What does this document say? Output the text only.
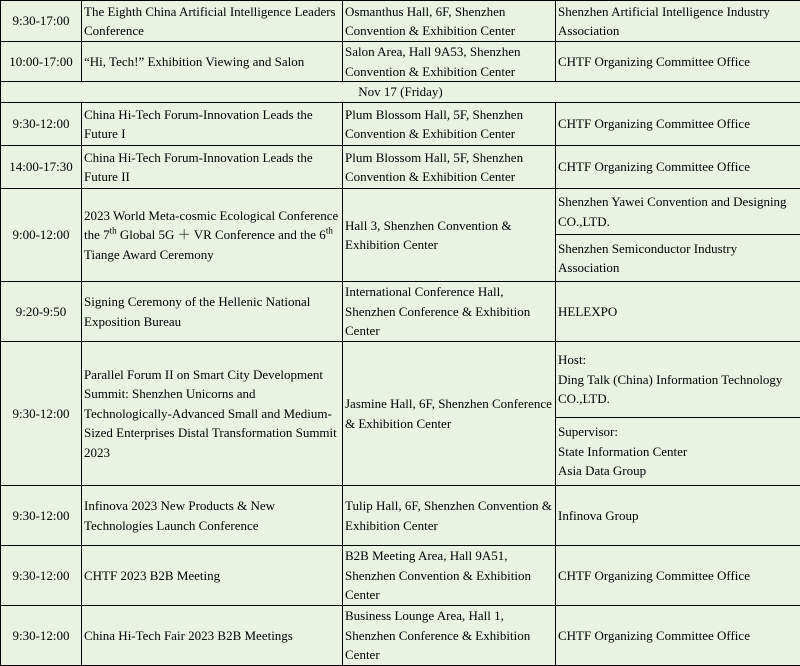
9:30-17:00	The Eighth China Artificial Intelligence Leaders Conference	Osmanthus Hall, 6F, Shenzhen Convention & Exhibition Center	Shenzhen Artificial Intelligence Industry Association
10:00-17:00	“Hi, Tech!” Exhibition Viewing and Salon	Salon Area, Hall 9A53, Shenzhen Convention & Exhibition Center	CHTF Organizing Committee Office
Nov 17 (Friday)			
9:30-12:00	China Hi-Tech Forum-Innovation Leads the Future I	Plum Blossom Hall, 5F, Shenzhen Convention & Exhibition Center	CHTF Organizing Committee Office
14:00-17:30	China Hi-Tech Forum-Innovation Leads the Future II	Plum Blossom Hall, 5F, Shenzhen Convention & Exhibition Center	CHTF Organizing Committee Office
9:00-12:00	2023 World Meta-cosmic Ecological Conference the 7th Global 5G ＋ VR Conference and the 6th Tiange Award Ceremony	Hall 3, Shenzhen Convention & Exhibition Center	Shenzhen Yawei Convention and Designing CO.,LTD.
			Shenzhen Semiconductor Industry Association
9:20-9:50	Signing Ceremony of the Hellenic National Exposition Bureau	International Conference Hall, Shenzhen Conference & Exhibition Center	HELEXPO
9:30-12:00	Parallel Forum II on Smart City Development Summit: Shenzhen Unicorns and Technologically-Advanced Small and Medium-Sized Enterprises Distal Transformation Summit 2023	Jasmine Hall, 6F, Shenzhen Conference & Exhibition Center	Host:
Ding Talk (China) Information Technology CO.,LTD.

			Supervisor:
State Information Center
Asia Data Group

9:30-12:00	Infinova 2023 New Products & New Technologies Launch Conference	Tulip Hall, 6F, Shenzhen Convention & Exhibition Center	Infinova Group
9:30-12:00	CHTF 2023 B2B Meeting	B2B Meeting Area, Hall 9A51, Shenzhen Convention & Exhibition Center	CHTF Organizing Committee Office
9:30-12:00	China Hi-Tech Fair 2023 B2B Meetings	Business Lounge Area, Hall 1, Shenzhen Conference & Exhibition Center	CHTF Organizing Committee Office
